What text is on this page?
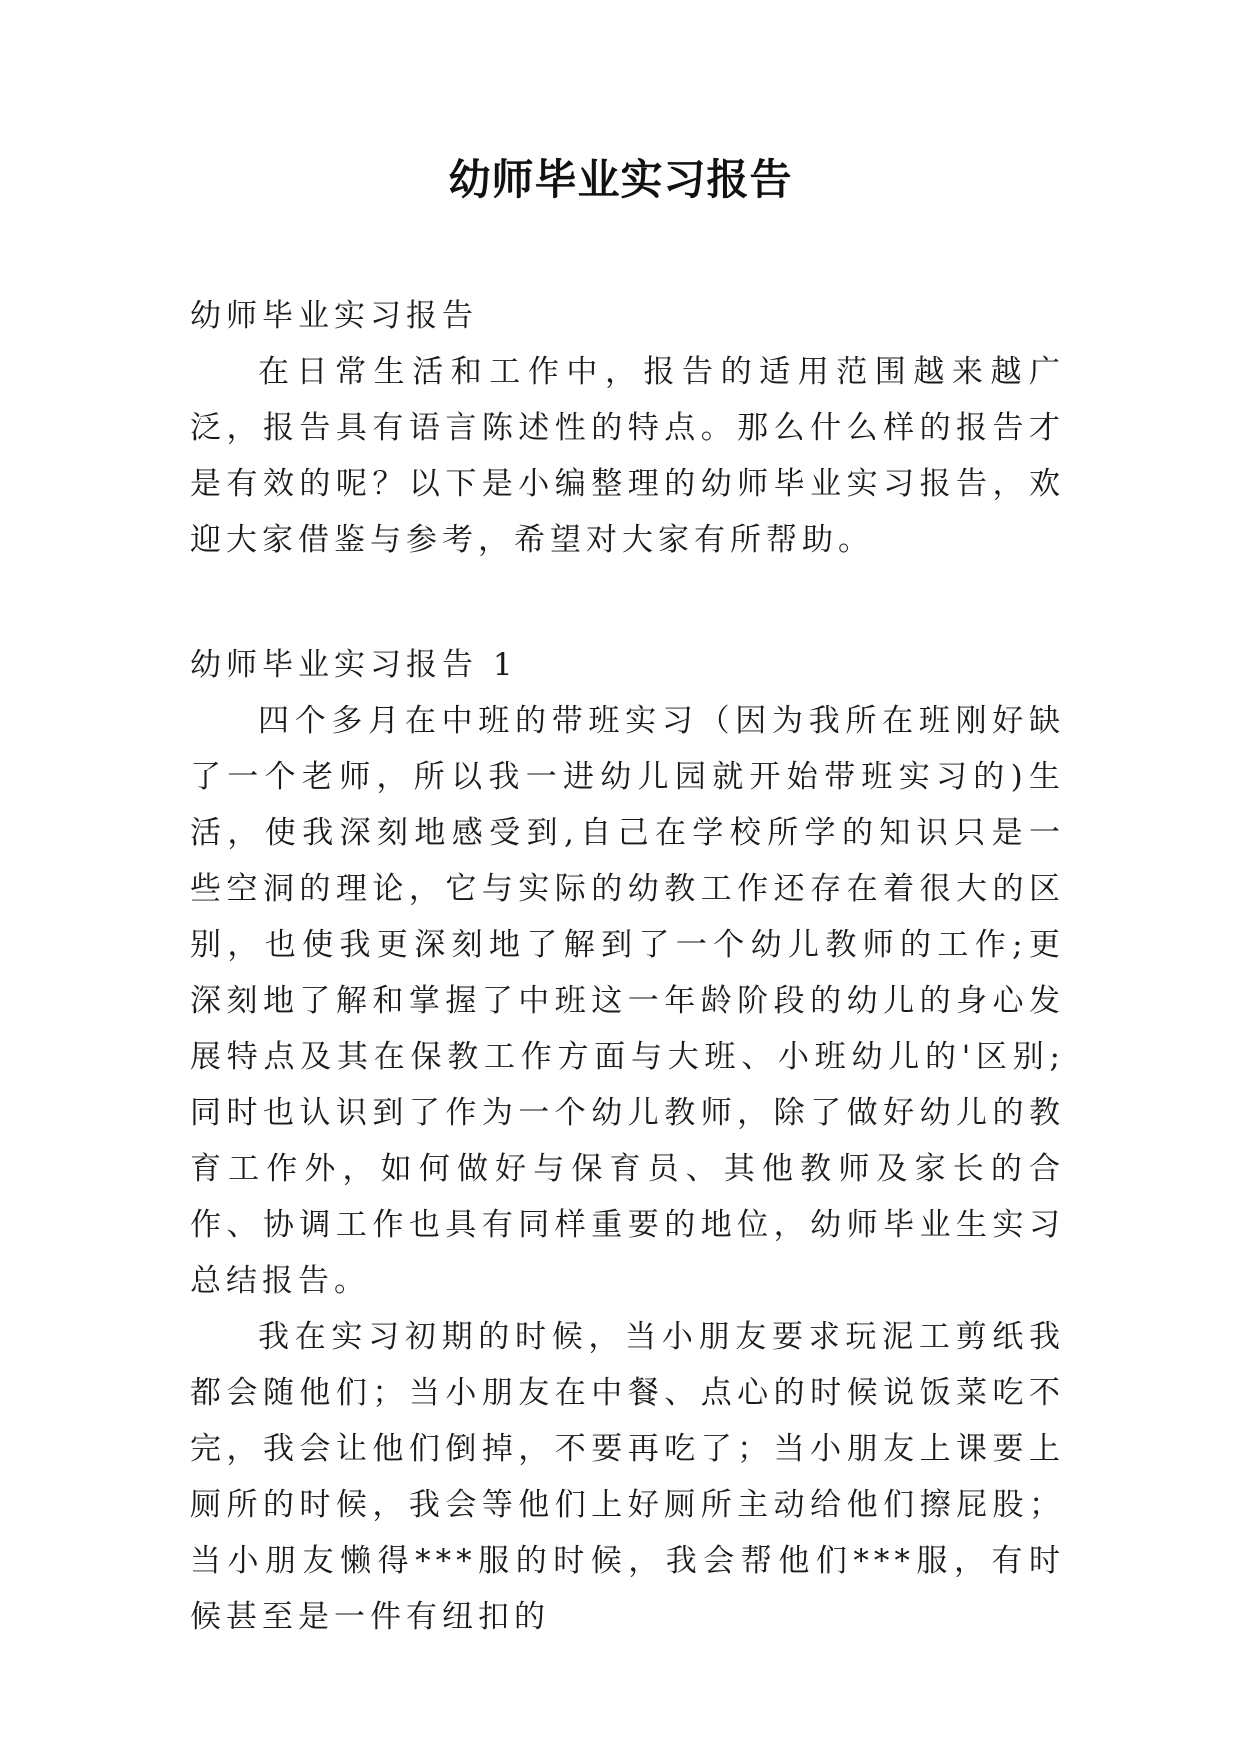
幼师毕业实习报告

幼师毕业实习报告

在日常生活和工作中，报告的适用范围越来越广泛，报告具有语言陈述性的特点。那么什么样的报告才是有效的呢？以下是小编整理的幼师毕业实习报告，欢迎大家借鉴与参考，希望对大家有所帮助。

幼师毕业实习报告 1

四个多月在中班的带班实习（因为我所在班刚好缺了一个老师，所以我一进幼儿园就开始带班实习的)生活，使我深刻地感受到,自己在学校所学的知识只是一些空洞的理论，它与实际的幼教工作还存在着很大的区别，也使我更深刻地了解到了一个幼儿教师的工作;更深刻地了解和掌握了中班这一年龄阶段的幼儿的身心发展特点及其在保教工作方面与大班、小班幼儿的'区别;同时也认识到了作为一个幼儿教师，除了做好幼儿的教育工作外，如何做好与保育员、其他教师及家长的合作、协调工作也具有同样重要的地位，幼师毕业生实习总结报告。

我在实习初期的时候，当小朋友要求玩泥工剪纸我都会随他们；当小朋友在中餐、点心的时候说饭菜吃不完，我会让他们倒掉，不要再吃了；当小朋友上课要上厕所的时候，我会等他们上好厕所主动给他们擦屁股；当小朋友懒得***服的时候，我会帮他们***服，有时候甚至是一件有纽扣的
